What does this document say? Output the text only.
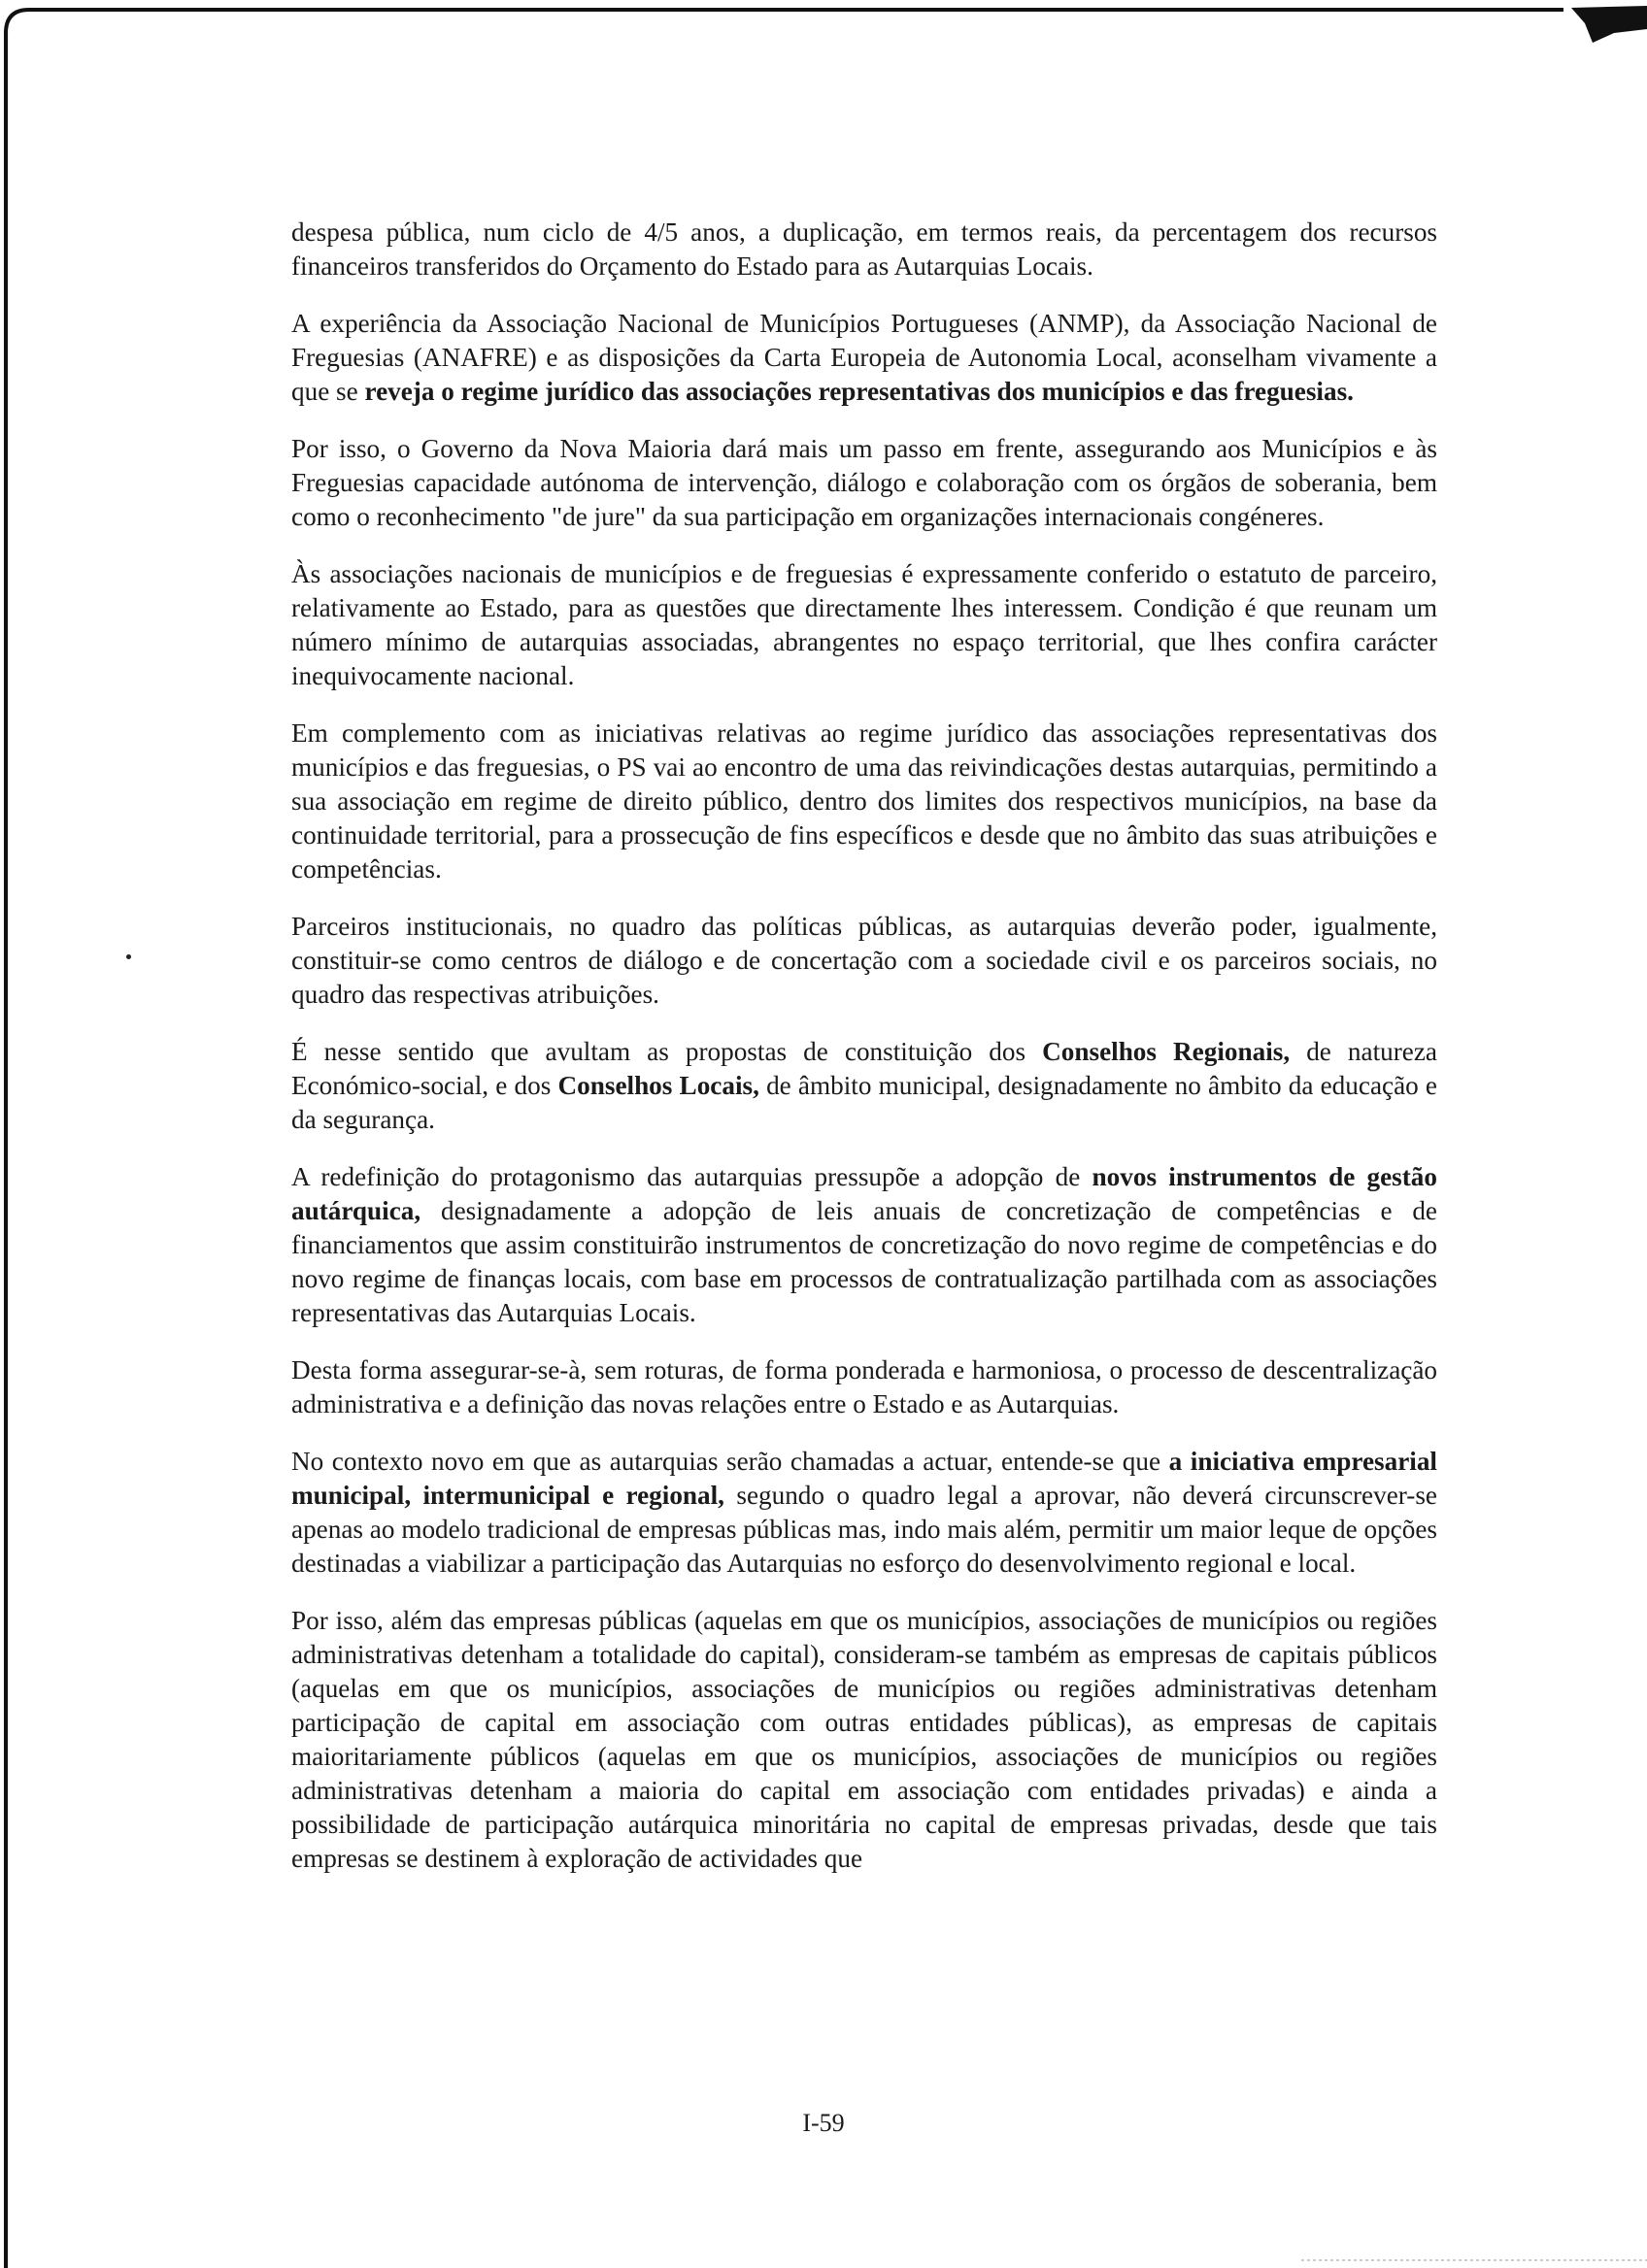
despesa pública, num ciclo de 4/5 anos, a duplicação, em termos reais, da percentagem dos recursos financeiros transferidos do Orçamento do Estado para as Autarquias Locais.

A experiência da Associação Nacional de Municípios Portugueses (ANMP), da Associação Nacional de Freguesias (ANAFRE) e as disposições da Carta Europeia de Autonomia Local, aconselham vivamente a que se reveja o regime jurídico das associações representativas dos municípios e das freguesias.

Por isso, o Governo da Nova Maioria dará mais um passo em frente, assegurando aos Municípios e às Freguesias capacidade autónoma de intervenção, diálogo e colaboração com os órgãos de soberania, bem como o reconhecimento "de jure" da sua participação em organizações internacionais congéneres.

Às associações nacionais de municípios e de freguesias é expressamente conferido o estatuto de parceiro, relativamente ao Estado, para as questões que directamente lhes interessem. Condição é que reunam um número mínimo de autarquias associadas, abrangentes no espaço territorial, que lhes confira carácter inequivocamente nacional.

Em complemento com as iniciativas relativas ao regime jurídico das associações representativas dos municípios e das freguesias, o PS vai ao encontro de uma das reivindicações destas autarquias, permitindo a sua associação em regime de direito público, dentro dos limites dos respectivos municípios, na base da continuidade territorial, para a prossecução de fins específicos e desde que no âmbito das suas atribuições e competências.

Parceiros institucionais, no quadro das políticas públicas, as autarquias deverão poder, igualmente, constituir-se como centros de diálogo e de concertação com a sociedade civil e os parceiros sociais, no quadro das respectivas atribuições.

É nesse sentido que avultam as propostas de constituição dos Conselhos Regionais, de natureza Económico-social, e dos Conselhos Locais, de âmbito municipal, designadamente no âmbito da educação e da segurança.

A redefinição do protagonismo das autarquias pressupõe a adopção de novos instrumentos de gestão autárquica, designadamente a adopção de leis anuais de concretização de competências e de financiamentos que assim constituirão instrumentos de concretização do novo regime de competências e do novo regime de finanças locais, com base em processos de contratualização partilhada com as associações representativas das Autarquias Locais.

Desta forma assegurar-se-à, sem roturas, de forma ponderada e harmoniosa, o processo de descentralização administrativa e a definição das novas relações entre o Estado e as Autarquias.

No contexto novo em que as autarquias serão chamadas a actuar, entende-se que a iniciativa empresarial municipal, intermunicipal e regional, segundo o quadro legal a aprovar, não deverá circunscrever-se apenas ao modelo tradicional de empresas públicas mas, indo mais além, permitir um maior leque de opções destinadas a viabilizar a participação das Autarquias no esforço do desenvolvimento regional e local.

Por isso, além das empresas públicas (aquelas em que os municípios, associações de municípios ou regiões administrativas detenham a totalidade do capital), consideram-se também as empresas de capitais públicos (aquelas em que os municípios, associações de municípios ou regiões administrativas detenham participação de capital em associação com outras entidades públicas), as empresas de capitais maioritariamente públicos (aquelas em que os municípios, associações de municípios ou regiões administrativas detenham a maioria do capital em associação com entidades privadas) e ainda a possibilidade de participação autárquica minoritária no capital de empresas privadas, desde que tais empresas se destinem à exploração de actividades que

I-59
